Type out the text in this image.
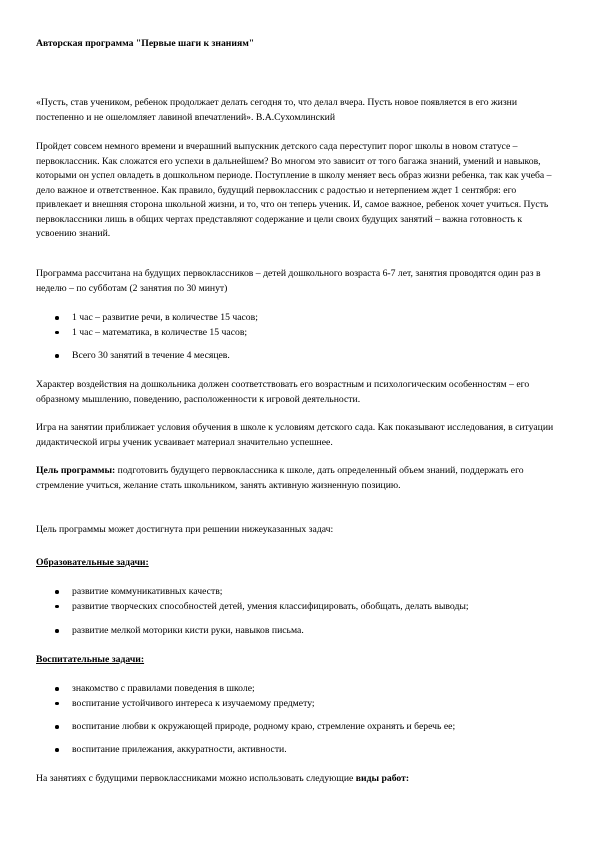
Авторская программа "Первые шаги к знаниям"

«Пусть, став учеником, ребенок продолжает делать сегодня то, что делал вчера. Пусть новое появляется в его жизни постепенно и не ошеломляет лавиной впечатлений». В.А.Сухомлинский

Пройдет совсем немного времени и вчерашний выпускник детского сада переступит порог школы в новом статусе – первоклассник. Как сложатся его успехи в дальнейшем? Во многом это зависит от того багажа знаний, умений и навыков, которыми он успел овладеть в дошкольном периоде. Поступление в школу меняет весь образ жизни ребенка, так как учеба – дело важное и ответственное. Как правило, будущий первоклассник с радостью и нетерпением ждет 1 сентября: его привлекает и внешняя сторона школьной жизни, и то, что он теперь ученик. И, самое важное, ребенок хочет учиться. Пусть первоклассники лишь в общих чертах представляют содержание и цели своих будущих занятий – важна готовность к усвоению знаний.

Программа рассчитана на будущих первоклассников – детей дошкольного возраста 6-7 лет, занятия проводятся один раз в неделю – по субботам (2 занятия по 30 минут)

1 час – развитие речи, в количестве 15 часов;
1 час – математика, в количестве 15 часов;
Всего 30 занятий в течение 4 месяцев.

Характер воздействия на дошкольника должен соответствовать его возрастным и психологическим особенностям – его образному мышлению, поведению, расположенности к игровой деятельности.

Игра на занятии приближает условия обучения в школе к условиям детского сада. Как показывают исследования, в ситуации дидактической игры ученик усваивает материал значительно успешнее.

Цель программы: подготовить будущего первоклассника к школе, дать определенный объем знаний, поддержать его стремление учиться, желание стать школьником, занять активную жизненную позицию.

Цель программы может достигнута при решении нижеуказанных задач:

Образовательные задачи:

развитие коммуникативных качеств;
развитие творческих способностей детей, умения классифицировать, обобщать, делать выводы;
развитие мелкой моторики кисти руки, навыков письма.

Воспитательные задачи:

знакомство с правилами поведения в школе;
воспитание устойчивого интереса к изучаемому предмету;
воспитание любви к окружающей природе, родному краю, стремление охранять и беречь ее;
воспитание прилежания, аккуратности, активности.

На занятиях с будущими первоклассниками можно использовать следующие виды работ:
